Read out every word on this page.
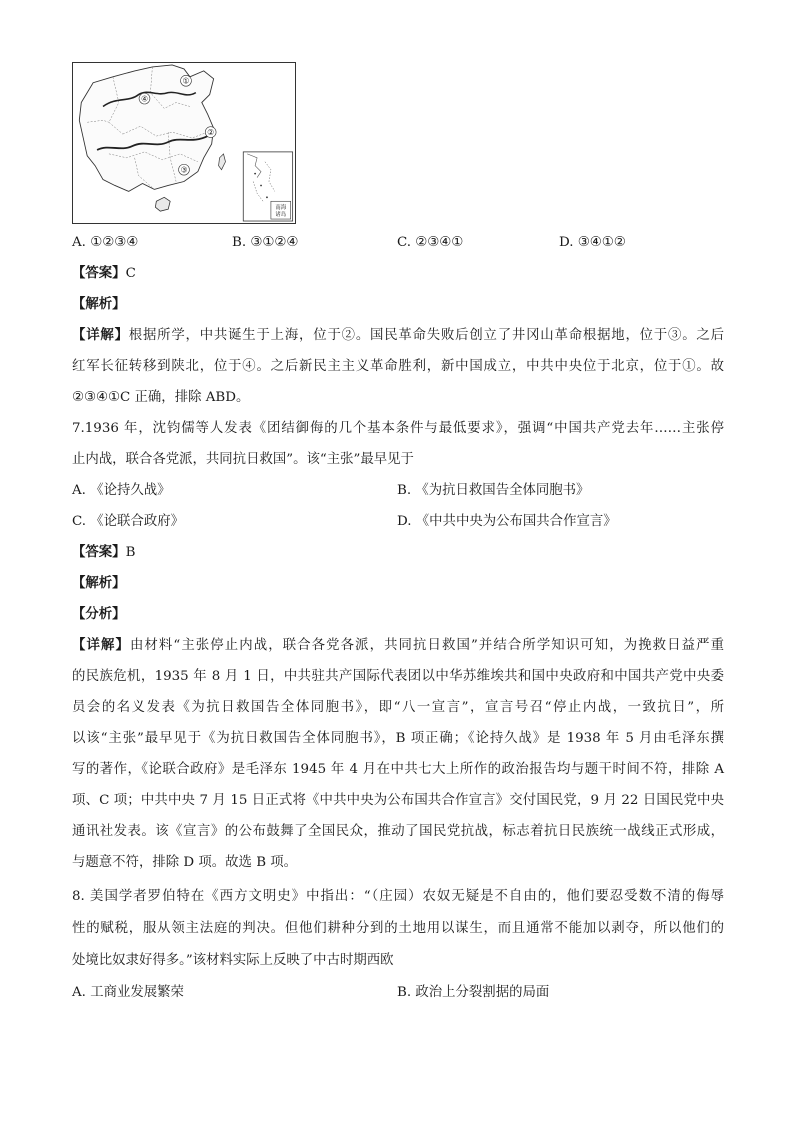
①
④
②
③
南海
诸岛
A. ①②③④	B. ③①②④	C. ②③④①	D. ③④①②
【答案】C
【解析】
【详解】根据所学，中共诞生于上海，位于②。国民革命失败后创立了井冈山革命根据地，位于③。之后
红军长征转移到陕北，位于④。之后新民主主义革命胜利，新中国成立，中共中央位于北京，位于①。故
②③④①C 正确，排除 ABD。
7.1936 年，沈钧儒等人发表《团结御侮的几个基本条件与最低要求》，强调“中国共产党去年……主张停
止内战，联合各党派，共同抗日救国”。该“主张”最早见于
A. 《论持久战》	B. 《为抗日救国告全体同胞书》
C. 《论联合政府》	D. 《中共中央为公布国共合作宣言》
【答案】B
【解析】
【分析】
【详解】由材料“主张停止内战，联合各党各派，共同抗日救国”并结合所学知识可知，为挽救日益严重
的民族危机，1935 年 8 月 1 日，中共驻共产国际代表团以中华苏维埃共和国中央政府和中国共产党中央委
员会的名义发表《为抗日救国告全体同胞书》，即“八一宣言”，宣言号召“停止内战，一致抗日”，所
以该“主张”最早见于《为抗日救国告全体同胞书》，B 项正确；《论持久战》是 1938 年 5 月由毛泽东撰
写的著作，《论联合政府》是毛泽东 1945 年 4 月在中共七大上所作的政治报告均与题干时间不符，排除 A
项、C 项；中共中央 7 月 15 日正式将《中共中央为公布国共合作宣言》交付国民党，9 月 22 日国民党中央
通讯社发表。该《宣言》的公布鼓舞了全国民众，推动了国民党抗战，标志着抗日民族统一战线正式形成，
与题意不符，排除 D 项。故选 B 项。
8. 美国学者罗伯特在《西方文明史》中指出：“（庄园）农奴无疑是不自由的，他们要忍受数不清的侮辱
性的赋税，服从领主法庭的判决。但他们耕种分到的土地用以谋生，而且通常不能加以剥夺，所以他们的
处境比奴隶好得多。”该材料实际上反映了中古时期西欧
A. 工商业发展繁荣	B. 政治上分裂割据的局面
